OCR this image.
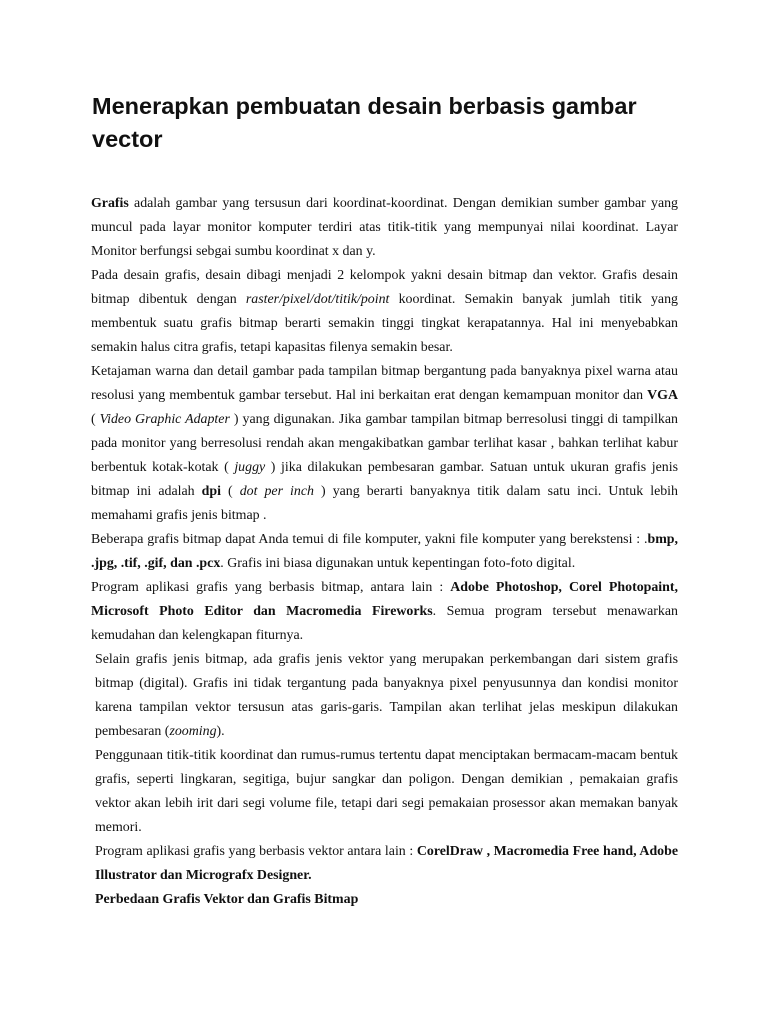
Menerapkan pembuatan desain berbasis gambar vector

Grafis adalah gambar yang tersusun dari koordinat-koordinat. Dengan demikian sumber gambar yang muncul pada layar monitor komputer terdiri atas titik-titik yang mempunyai nilai koordinat. Layar Monitor berfungsi sebgai sumbu koordinat x dan y.

Pada desain grafis, desain dibagi menjadi 2 kelompok yakni desain bitmap dan vektor. Grafis desain bitmap dibentuk dengan raster/pixel/dot/titik/point koordinat. Semakin banyak jumlah titik yang membentuk suatu grafis bitmap berarti semakin tinggi tingkat kerapatannya. Hal ini menyebabkan semakin halus citra grafis, tetapi kapasitas filenya semakin besar.

Ketajaman warna dan detail gambar pada tampilan bitmap bergantung pada banyaknya pixel warna atau resolusi yang membentuk gambar tersebut. Hal ini berkaitan erat dengan kemampuan monitor dan VGA ( Video Graphic Adapter ) yang digunakan. Jika gambar tampilan bitmap berresolusi tinggi di tampilkan pada monitor yang berresolusi rendah akan mengakibatkan gambar terlihat kasar , bahkan terlihat kabur berbentuk kotak-kotak ( juggy ) jika dilakukan pembesaran gambar. Satuan untuk ukuran grafis jenis bitmap ini adalah dpi ( dot per inch ) yang berarti banyaknya titik dalam satu inci. Untuk lebih memahami grafis jenis bitmap .

Beberapa grafis bitmap dapat Anda temui di file komputer, yakni file komputer yang berekstensi : .bmp, .jpg, .tif, .gif, dan .pcx. Grafis ini biasa digunakan untuk kepentingan foto-foto digital.

Program aplikasi grafis yang berbasis bitmap, antara lain : Adobe Photoshop, Corel Photopaint, Microsoft Photo Editor dan Macromedia Fireworks. Semua program tersebut menawarkan kemudahan dan kelengkapan fiturnya.

Selain grafis jenis bitmap, ada grafis jenis vektor yang merupakan perkembangan dari sistem grafis bitmap (digital). Grafis ini tidak tergantung pada banyaknya pixel penyusunnya dan kondisi monitor karena tampilan vektor tersusun atas garis-garis. Tampilan akan terlihat jelas meskipun dilakukan pembesaran (zooming).

Penggunaan titik-titik koordinat dan rumus-rumus tertentu dapat menciptakan bermacam-macam bentuk grafis, seperti lingkaran, segitiga, bujur sangkar dan poligon. Dengan demikian , pemakaian grafis vektor akan lebih irit dari segi volume file, tetapi dari segi pemakaian prosessor akan memakan banyak memori.

Program aplikasi grafis yang berbasis vektor antara lain : CorelDraw , Macromedia Free hand, Adobe Illustrator dan Micrografx Designer.

Perbedaan Grafis Vektor dan Grafis Bitmap
